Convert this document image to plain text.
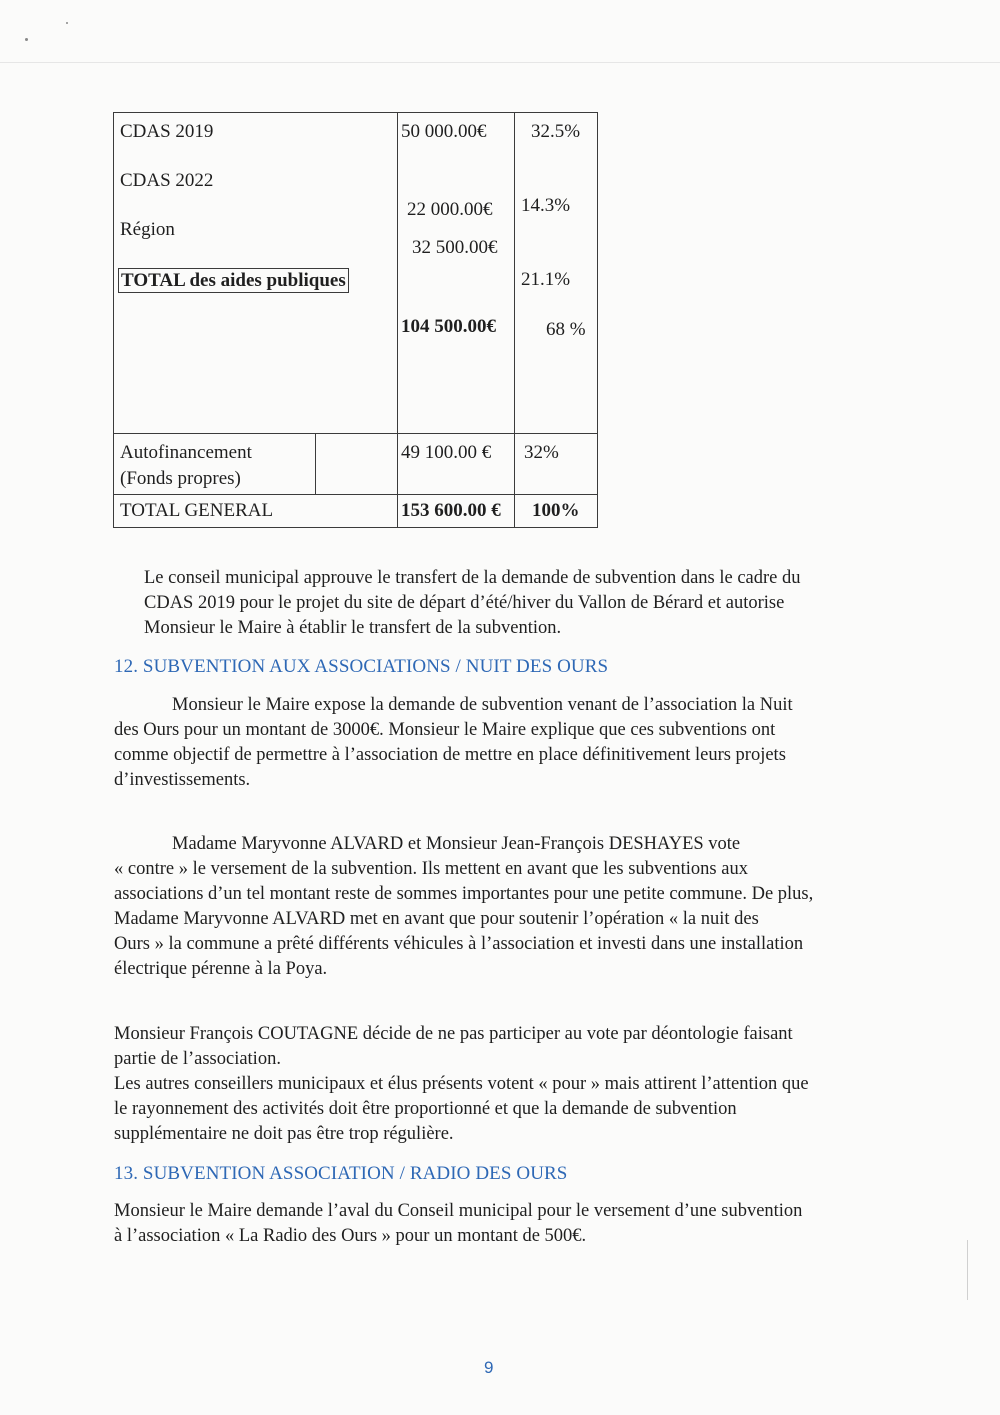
CDAS 2019
CDAS 2022
Région
TOTAL des aides publiques
50 000.00€
22 000.00€
32 500.00€
104 500.00€
32.5%
14.3%
21.1%
68 %
Autofinancement
(Fonds propres)
49 100.00 € 32%
TOTAL GENERAL	153 600.00 € 100%
Le conseil municipal approuve le transfert de la demande de subvention dans le cadre du
CDAS 2019 pour le projet du site de départ d’été/hiver du Vallon de Bérard et autorise
Monsieur le Maire à établir le transfert de la subvention.
12. SUBVENTION AUX ASSOCIATIONS / NUIT DES OURS
Monsieur le Maire expose la demande de subvention venant de l’association la Nuit
des Ours pour un montant de 3000€. Monsieur le Maire explique que ces subventions ont
comme objectif de permettre à l’association de mettre en place définitivement leurs projets
d’investissements.
Madame Maryvonne ALVARD et Monsieur Jean-François DESHAYES vote
« contre » le versement de la subvention. Ils mettent en avant que les subventions aux
associations d’un tel montant reste de sommes importantes pour une petite commune. De plus,
Madame Maryvonne ALVARD met en avant que pour soutenir l’opération « la nuit des
Ours » la commune a prêté différents véhicules à l’association et investi dans une installation
électrique pérenne à la Poya.
Monsieur François COUTAGNE décide de ne pas participer au vote par déontologie faisant
partie de l’association.
Les autres conseillers municipaux et élus présents votent « pour » mais attirent l’attention que
le rayonnement des activités doit être proportionné et que la demande de subvention
supplémentaire ne doit pas être trop régulière.
13. SUBVENTION ASSOCIATION / RADIO DES OURS
Monsieur le Maire demande l’aval du Conseil municipal pour le versement d’une subvention
à l’association « La Radio des Ours » pour un montant de 500€.
9
